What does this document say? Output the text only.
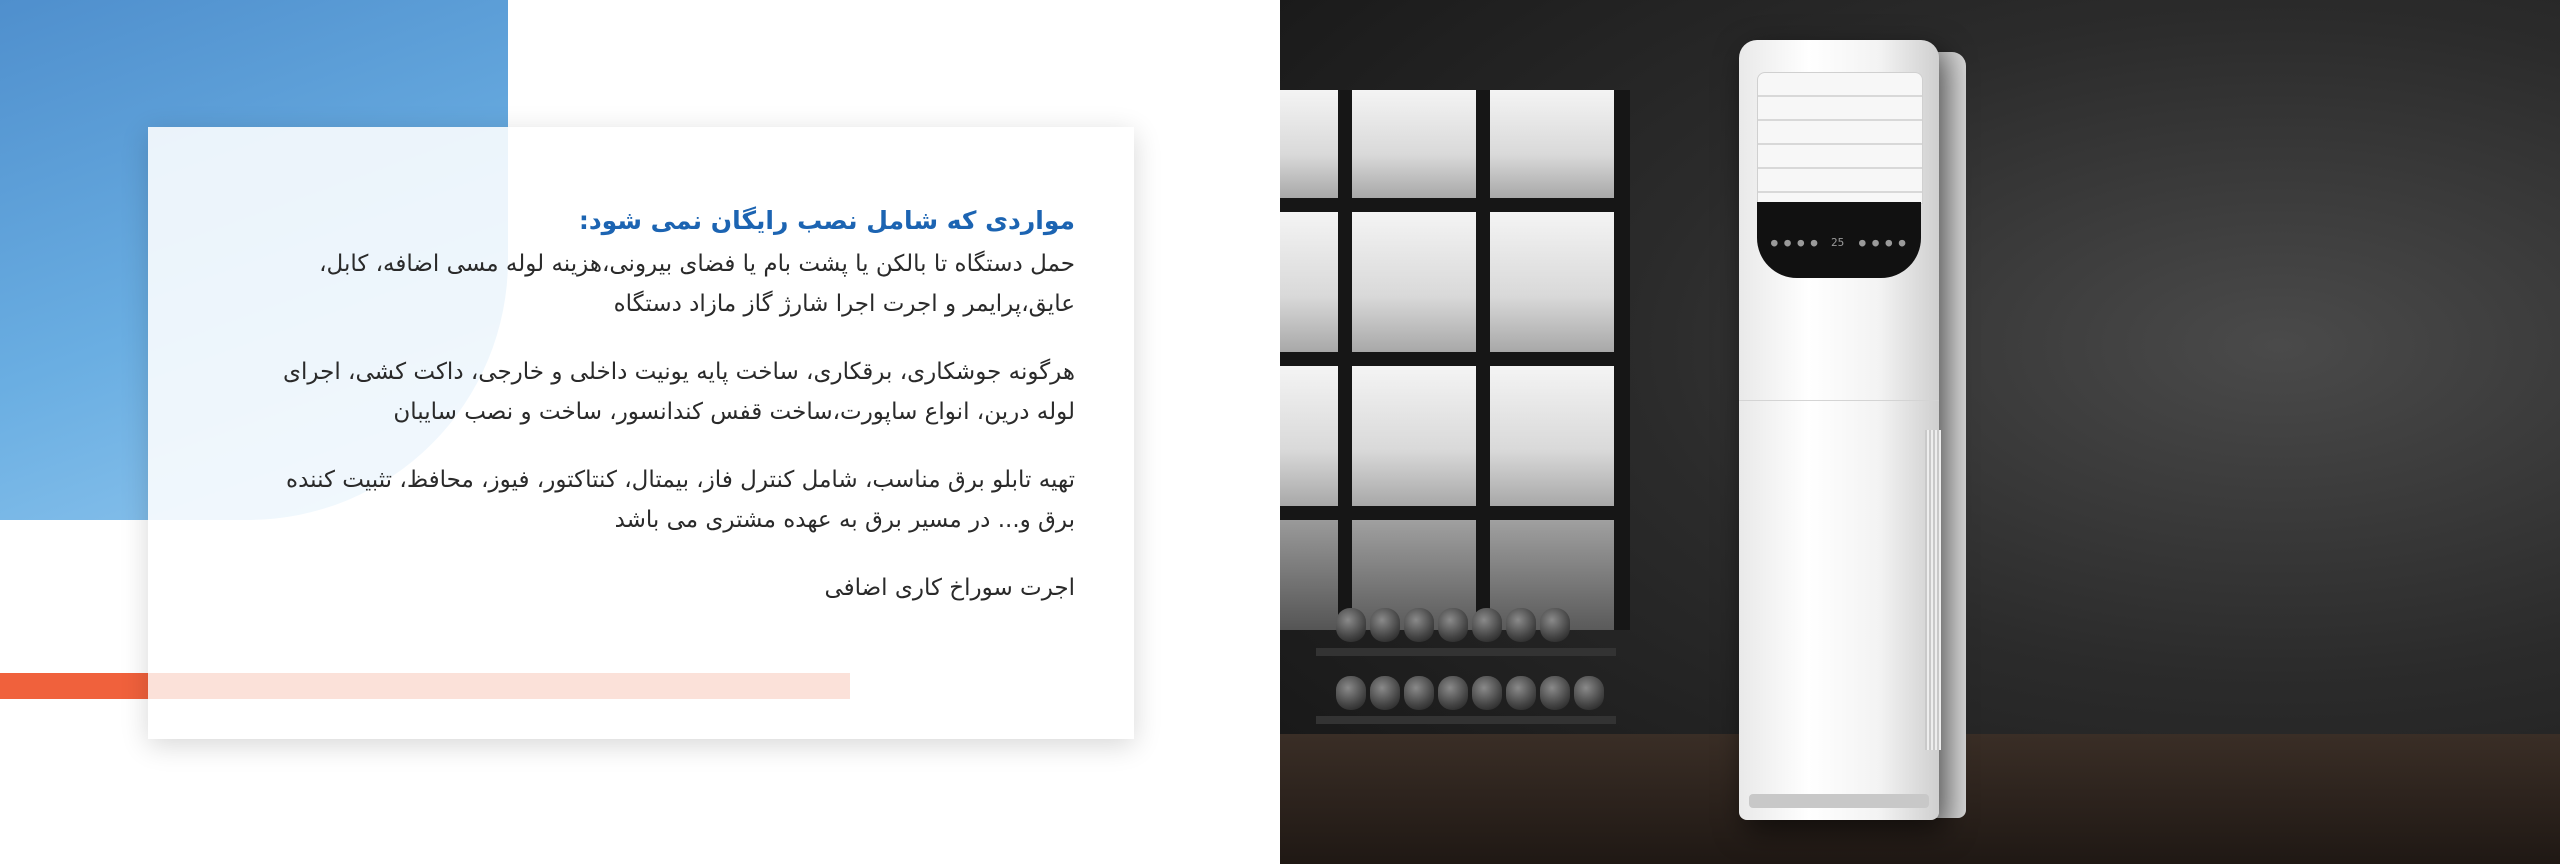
مواردی که شامل نصب رایگان نمی شود:
حمل دستگاه تا بالکن یا پشت بام یا فضای بیرونی،هزینه لوله مسی اضافه، کابل،
عایق،پرایمر و اجرت اجرا شارژ گاز مازاد دستگاه
هرگونه جوشکاری، برقکاری، ساخت پایه یونیت داخلی و خارجی، داکت کشی، اجرای
لوله درین، انواع ساپورت،ساخت قفس کندانسور، ساخت و نصب سایبان
تهیه تابلو برق مناسب، شامل کنترل فاز، بیمتال، کنتاکتور، فیوز، محافظ، تثبیت کننده
برق و... در مسیر برق به عهده مشتری می باشد
اجرت سوراخ کاری اضافی
● ● ● ● 25 ● ● ● ●
